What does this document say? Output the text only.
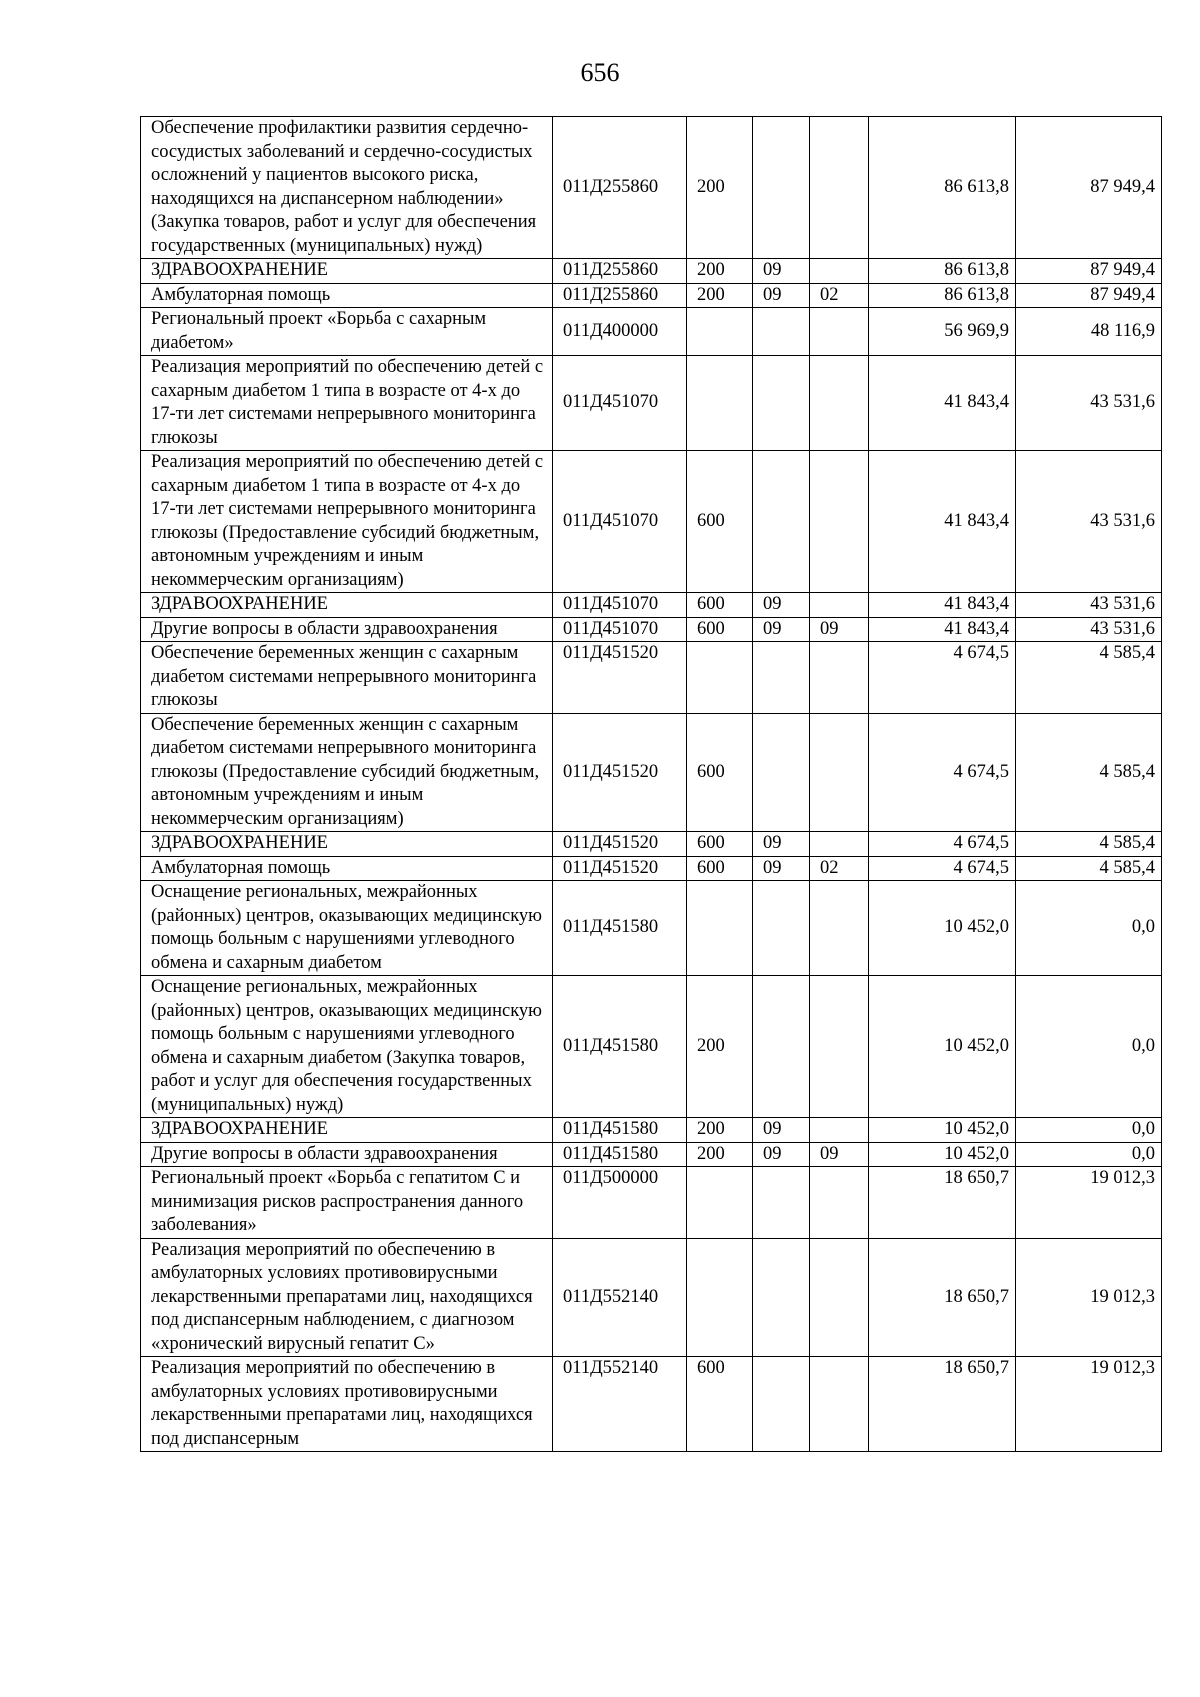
656
Обеспечение профилактики развития сердечно-сосудистых заболеваний и сердечно-сосудистых осложнений у пациентов высокого риска, находящихся на диспансерном наблюдении» (Закупка товаров, работ и услуг для обеспечения государственных (муниципальных) нужд)	011Д255860	200			86 613,8	87 949,4
ЗДРАВООХРАНЕНИЕ	011Д255860	200	09		86 613,8	87 949,4
Амбулаторная помощь	011Д255860	200	09	02	86 613,8	87 949,4
Региональный проект «Борьба с сахарным диабетом»	011Д400000				56 969,9	48 116,9
Реализация мероприятий по обеспечению детей с сахарным диабетом 1 типа в возрасте от 4-х до 17-ти лет системами непрерывного мониторинга глюкозы	011Д451070				41 843,4	43 531,6
Реализация мероприятий по обеспечению детей с сахарным диабетом 1 типа в возрасте от 4-х до 17-ти лет системами непрерывного мониторинга глюкозы (Предоставление субсидий бюджетным, автономным учреждениям и иным некоммерческим организациям)	011Д451070	600			41 843,4	43 531,6
ЗДРАВООХРАНЕНИЕ	011Д451070	600	09		41 843,4	43 531,6
Другие вопросы в области здравоохранения	011Д451070	600	09	09	41 843,4	43 531,6
Обеспечение беременных женщин с сахарным диабетом системами непрерывного мониторинга глюкозы	011Д451520				4 674,5	4 585,4
Обеспечение беременных женщин с сахарным диабетом системами непрерывного мониторинга глюкозы (Предоставление субсидий бюджетным, автономным учреждениям и иным некоммерческим организациям)	011Д451520	600			4 674,5	4 585,4
ЗДРАВООХРАНЕНИЕ	011Д451520	600	09		4 674,5	4 585,4
Амбулаторная помощь	011Д451520	600	09	02	4 674,5	4 585,4
Оснащение региональных, межрайонных (районных) центров, оказывающих медицинскую помощь больным с нарушениями углеводного обмена и сахарным диабетом	011Д451580				10 452,0	0,0
Оснащение региональных, межрайонных (районных) центров, оказывающих медицинскую помощь больным с нарушениями углеводного обмена и сахарным диабетом (Закупка товаров, работ и услуг для обеспечения государственных (муниципальных) нужд)	011Д451580	200			10 452,0	0,0
ЗДРАВООХРАНЕНИЕ	011Д451580	200	09		10 452,0	0,0
Другие вопросы в области здравоохранения	011Д451580	200	09	09	10 452,0	0,0
Региональный проект «Борьба с гепатитом С и минимизация рисков распространения данного заболевания»	011Д500000				18 650,7	19 012,3
Реализация мероприятий по обеспечению в амбулаторных условиях противовирусными лекарственными препаратами лиц, находящихся под диспансерным наблюдением, с диагнозом «хронический вирусный гепатит С»	011Д552140				18 650,7	19 012,3
Реализация мероприятий по обеспечению в амбулаторных условиях противовирусными лекарственными препаратами лиц, находящихся под диспансерным	011Д552140	600			18 650,7	19 012,3
